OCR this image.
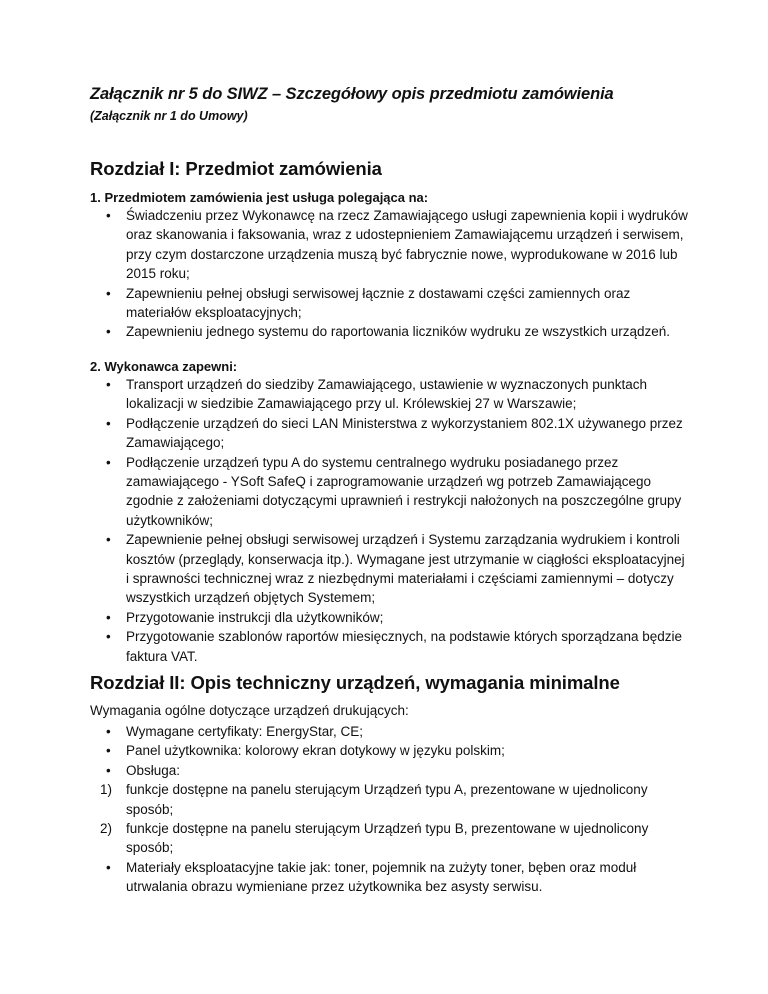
Załącznik nr 5 do SIWZ – Szczegółowy opis przedmiotu zamówienia
(Załącznik nr 1 do Umowy)
Rozdział I: Przedmiot zamówienia
1. Przedmiotem zamówienia jest usługa polegająca na:
•	Świadczeniu przez Wykonawcę na rzecz Zamawiającego usługi zapewnienia kopii i wydruków oraz skanowania i faksowania, wraz z udostepnieniem Zamawiającemu urządzeń i serwisem, przy czym dostarczone urządzenia muszą być fabrycznie nowe, wyprodukowane w 2016 lub 2015 roku;
•	Zapewnieniu pełnej obsługi serwisowej łącznie z dostawami części zamiennych oraz materiałów eksploatacyjnych;
•	Zapewnieniu jednego systemu do raportowania liczników wydruku ze wszystkich urządzeń.
2. Wykonawca zapewni:
•	Transport urządzeń do siedziby Zamawiającego, ustawienie w wyznaczonych punktach lokalizacji w siedzibie Zamawiającego przy ul. Królewskiej 27 w Warszawie;
•	Podłączenie urządzeń do sieci LAN Ministerstwa z wykorzystaniem 802.1X używanego przez Zamawiającego;
•	Podłączenie urządzeń typu A do systemu centralnego wydruku posiadanego przez zamawiającego - YSoft SafeQ i zaprogramowanie urządzeń wg potrzeb Zamawiającego zgodnie z założeniami dotyczącymi uprawnień i restrykcji nałożonych na poszczególne grupy użytkowników;
•	Zapewnienie pełnej obsługi serwisowej urządzeń i Systemu zarządzania wydrukiem i kontroli kosztów (przeglądy, konserwacja itp.). Wymagane jest utrzymanie w ciągłości eksploatacyjnej i sprawności technicznej wraz z niezbędnymi materiałami i częściami zamiennymi – dotyczy wszystkich urządzeń objętych Systemem;
•	Przygotowanie instrukcji dla użytkowników;
•	Przygotowanie szablonów raportów miesięcznych, na podstawie których sporządzana będzie faktura VAT.
Rozdział II: Opis techniczny urządzeń, wymagania minimalne
Wymagania ogólne dotyczące urządzeń drukujących:
•	Wymagane certyfikaty: EnergyStar, CE;
•	Panel użytkownika: kolorowy ekran dotykowy w języku polskim;
•	Obsługa:
1)	funkcje dostępne na panelu sterującym Urządzeń typu A, prezentowane w ujednolicony sposób;
2)	funkcje dostępne na panelu sterującym Urządzeń typu B, prezentowane w ujednolicony sposób;
•	Materiały eksploatacyjne takie jak: toner, pojemnik na zużyty toner, bęben oraz moduł utrwalania obrazu wymieniane przez użytkownika bez asysty serwisu.
